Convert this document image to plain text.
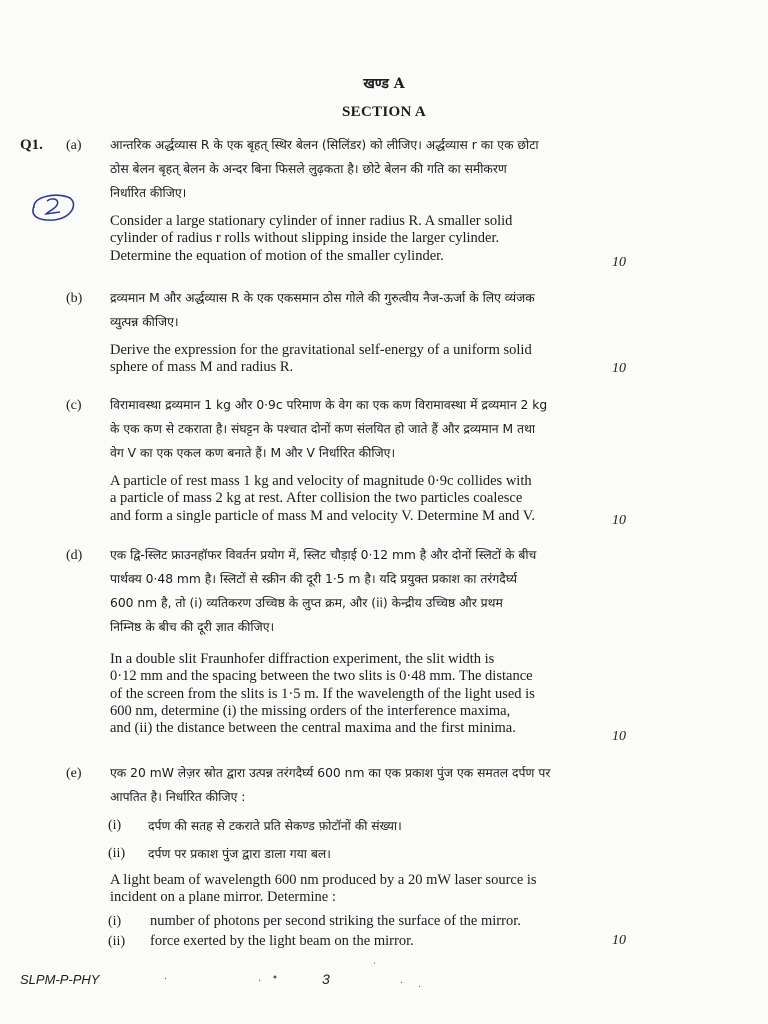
खण्ड A
SECTION A
Q1. (a) आन्तरिक अर्द्धव्यास R के एक बृहत् स्थिर बेलन (सिलिंडर) को लीजिए। अर्द्धव्यास r का एक छोटा
ठोस बेलन बृहत् बेलन के अन्दर बिना फिसले लुढ़कता है। छोटे बेलन की गति का समीकरण
निर्धारित कीजिए।
Consider a large stationary cylinder of inner radius R. A smaller solid
cylinder of radius r rolls without slipping inside the larger cylinder.
Determine the equation of motion of the smaller cylinder.	10
(b) द्रव्यमान M और अर्द्धव्यास R के एक एकसमान ठोस गोले की गुरुत्वीय नैज-ऊर्जा के लिए व्यंजक
व्युत्पन्न कीजिए।
Derive the expression for the gravitational self-energy of a uniform solid
sphere of mass M and radius R.	10
(c) विरामावस्था द्रव्यमान 1 kg और 0·9c परिमाण के वेग का एक कण विरामावस्था में द्रव्यमान 2 kg
के एक कण से टकराता है। संघट्टन के पश्चात दोनों कण संलयित हो जाते हैं और द्रव्यमान M तथा
वेग V का एक एकल कण बनाते हैं। M और V निर्धारित कीजिए।
A particle of rest mass 1 kg and velocity of magnitude 0·9c collides with
a particle of mass 2 kg at rest. After collision the two particles coalesce
and form a single particle of mass M and velocity V. Determine M and V.	10
(d) एक द्वि-स्लिट फ्राउनहॉफर विवर्तन प्रयोग में, स्लिट चौड़ाई 0·12 mm है और दोनों स्लिटों के बीच
पार्थक्य 0·48 mm है। स्लिटों से स्क्रीन की दूरी 1·5 m है। यदि प्रयुक्त प्रकाश का तरंगदैर्घ्य
600 nm है, तो (i) व्यतिकरण उच्चिष्ठ के लुप्त क्रम, और (ii) केन्द्रीय उच्चिष्ठ और प्रथम
निम्निष्ठ के बीच की दूरी ज्ञात कीजिए।
In a double slit Fraunhofer diffraction experiment, the slit width is
0·12 mm and the spacing between the two slits is 0·48 mm. The distance
of the screen from the slits is 1·5 m. If the wavelength of the light used is
600 nm, determine (i) the missing orders of the interference maxima,
and (ii) the distance between the central maxima and the first minima.
10
(e) एक 20 mW लेज़र स्रोत द्वारा उत्पन्न तरंगदैर्घ्य 600 nm का एक प्रकाश पुंज एक समतल दर्पण पर
आपतित है। निर्धारित कीजिए :
(i) दर्पण की सतह से टकराते प्रति सेकण्ड फ़ोटॉनों की संख्या।
(ii) दर्पण पर प्रकाश पुंज द्वारा डाला गया बल।
A light beam of wavelength 600 nm produced by a 20 mW laser source is
incident on a plane mirror. Determine :
(i) number of photons per second striking the surface of the mirror.
(ii) force exerted by the light beam on the mirror.	10
SLPM-P-PHY	3
·	· •
˙
· ·
